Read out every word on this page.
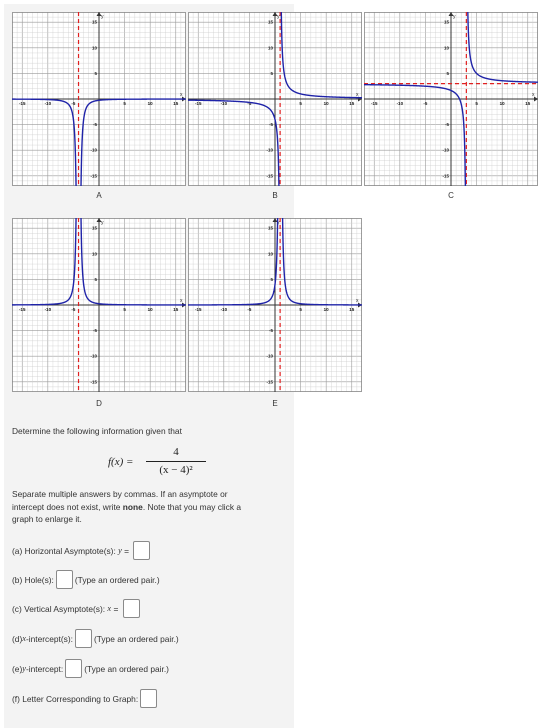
x
y
-15	-10	-5	5	10	15
15
10
5
-5
-10
-15
A
x
y
-15	-10	-5	5	10	15
15
10
5
-5
-10
-15
B
x
y
-15	-10	-5	5	10	15
15
10
5
-5
-10
-15
C
x
y
-15	-10	-5	5	10	15
15
10
5
-5
-10
-15
D
x
y
-15	-10	-5	5	10	15
15
10
5
-5
-10
-15
E
Determine the following information given that
f(x) =
4
(x − 4)²
Separate multiple answers by commas. If an asymptote or
intercept does not exist, write none. Note that you may click a
graph to enlarge it.
(a) Horizontal Asymptote(s):
y =
(b) Hole(s):	(Type an ordered pair.)
(c) Vertical Asymptote(s):
x =
(d) x -intercept(s):	(Type an ordered pair.)
(e) y -intercept:	(Type an ordered pair.)
(f) Letter Corresponding to Graph:
